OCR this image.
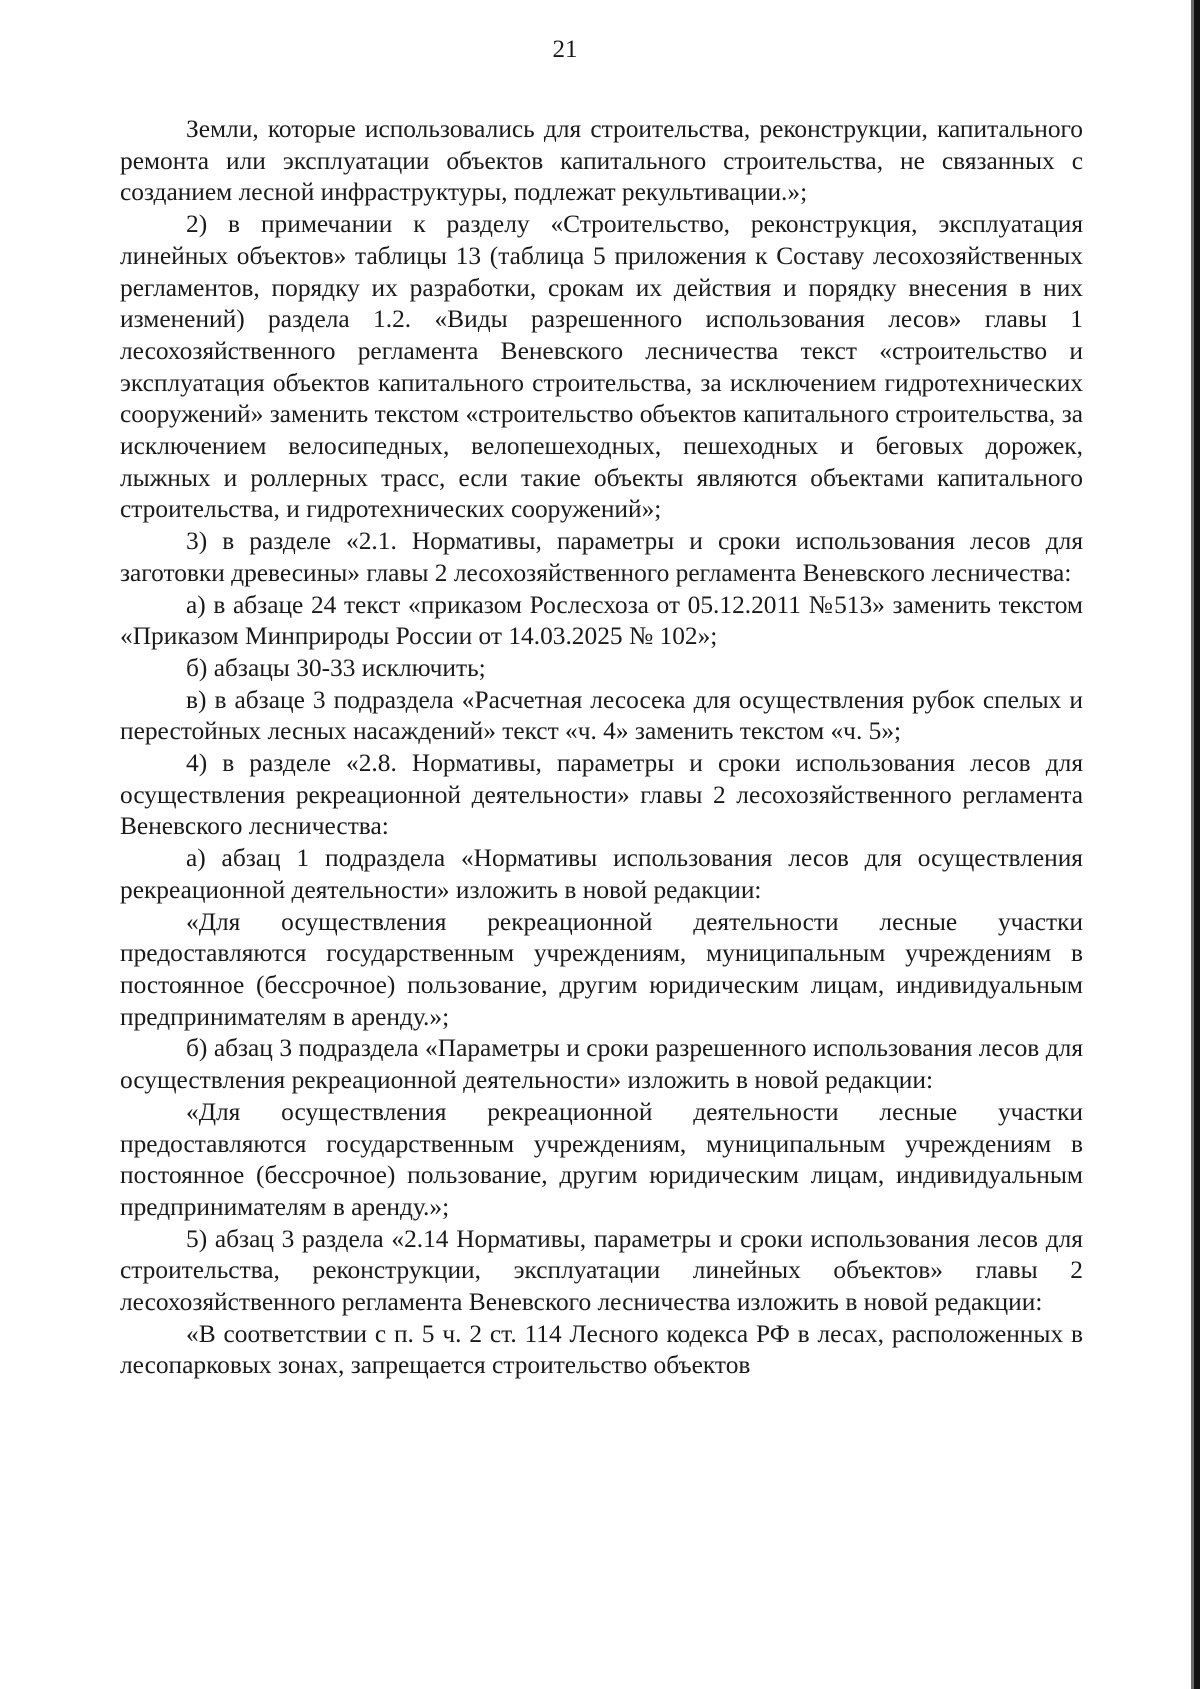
21

Земли, которые использовались для строительства, реконструкции, капитального ремонта или эксплуатации объектов капитального строительства, не связанных с созданием лесной инфраструктуры, подлежат рекультивации.»;

2) в примечании к разделу «Строительство, реконструкция, эксплуатация линейных объектов» таблицы 13 (таблица 5 приложения к Составу лесохозяйственных регламентов, порядку их разработки, срокам их действия и порядку внесения в них изменений) раздела 1.2. «Виды разрешенного использования лесов» главы 1 лесохозяйственного регламента Веневского лесничества текст «строительство и эксплуатация объектов капитального строительства, за исключением гидротехнических сооружений» заменить текстом «строительство объектов капитального строительства, за исключением велосипедных, велопешеходных, пешеходных и беговых дорожек, лыжных и роллерных трасс, если такие объекты являются объектами капитального строительства, и гидротехнических сооружений»;

3) в разделе «2.1. Нормативы, параметры и сроки использования лесов для заготовки древесины» главы 2 лесохозяйственного регламента Веневского лесничества:

а) в абзаце 24 текст «приказом Рослесхоза от 05.12.2011 №513» заменить текстом «Приказом Минприроды России от 14.03.2025 № 102»;

б) абзацы 30-33 исключить;

в) в абзаце 3 подраздела «Расчетная лесосека для осуществления рубок спелых и перестойных лесных насаждений» текст «ч. 4» заменить текстом «ч. 5»;

4) в разделе «2.8. Нормативы, параметры и сроки использования лесов для осуществления рекреационной деятельности» главы 2 лесохозяйственного регламента Веневского лесничества:

а) абзац 1 подраздела «Нормативы использования лесов для осуществления рекреационной деятельности» изложить в новой редакции:

«Для осуществления рекреационной деятельности лесные участки предоставляются государственным учреждениям, муниципальным учреждениям в постоянное (бессрочное) пользование, другим юридическим лицам, индивидуальным предпринимателям в аренду.»;

б) абзац 3 подраздела «Параметры и сроки разрешенного использования лесов для осуществления рекреационной деятельности» изложить в новой редакции:

«Для осуществления рекреационной деятельности лесные участки предоставляются государственным учреждениям, муниципальным учреждениям в постоянное (бессрочное) пользование, другим юридическим лицам, индивидуальным предпринимателям в аренду.»;

5) абзац 3 раздела «2.14 Нормативы, параметры и сроки использования лесов для строительства, реконструкции, эксплуатации линейных объектов» главы 2 лесохозяйственного регламента Веневского лесничества изложить в новой редакции:

«В соответствии с п. 5 ч. 2 ст. 114 Лесного кодекса РФ в лесах, расположенных в лесопарковых зонах, запрещается строительство объектов
